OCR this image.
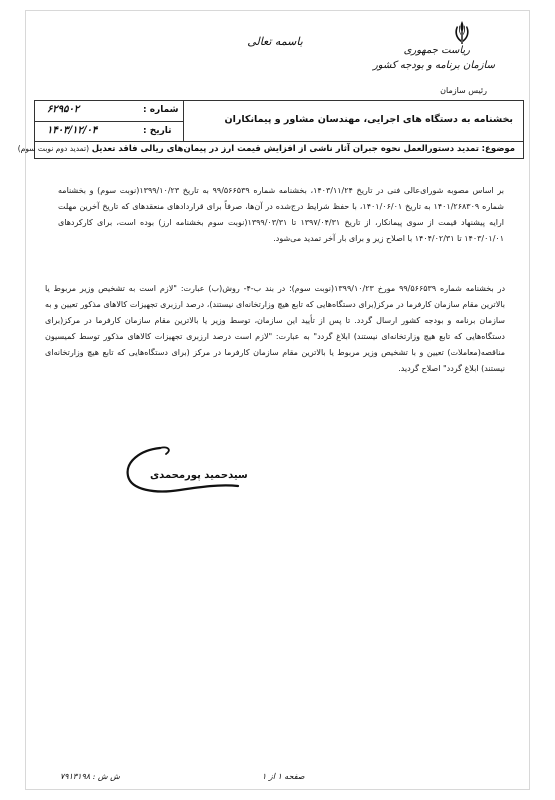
باسمه تعالی
ریاست جمهوری
سازمان برنامه و بودجه کشور
رئیس سازمان
شماره :
۶۲۹۵۰۲
تاریخ :
۱۴۰۳/۱۲/۰۴
بخشنامه به دستگاه های اجرایی، مهندسان مشاور و پیمانکاران
موضوع: تمدید دستورالعمل نحوه جبران آثار ناشی از افزایش قیمت ارز در پیمان‌های ریالی فاقد تعدیل (تمدید دوم نوبت سوم)
بر اساس مصوبه شورای‌عالی فنی در تاریخ ۱۴۰۳/۱۱/۲۴، بخشنامه شماره ۹۹/۵۶۶۵۳۹ به تاریخ ۱۳۹۹/۱۰/۲۳(نوبت سوم) و بخشنامه شماره ۱۴۰۱/۲۶۸۳۰۹ به تاریخ ۱۴۰۱/۰۶/۰۱، با حفظ شرایط درج‌شده در آن‌ها، صرفاً برای قراردادهای منعقدهای که تاریخ آخرین مهلت ارایه پیشنهاد قیمت از سوی پیمانکار، از تاریخ ۱۳۹۷/۰۴/۳۱ تا ۱۳۹۹/۰۳/۳۱(نوبت سوم بخشنامه ارز) بوده است، برای کارکردهای ۱۴۰۳/۰۱/۰۱ تا ۱۴۰۴/۰۲/۳۱ با اصلاح زیر و برای بار آخر تمدید می‌شود.
در بخشنامه شماره ۹۹/۵۶۶۵۳۹ مورخ ۱۳۹۹/۱۰/۲۳(نوبت سوم)؛ در بند ب-۴- روش(ب) عبارت: "لازم است به تشخیص وزیر مربوط یا بالاترین مقام سازمان کارفرما در مرکز(برای دستگاه‌هایی که تابع هیچ وزارتخانه‌ای نیستند)، درصد ارزبری تجهیزات کالاهای مذکور تعیین و به سازمان برنامه و بودجه کشور ارسال گردد. تا پس از تأیید این سازمان، توسط وزیر یا بالاترین مقام سازمان کارفرما در مرکز(برای دستگاه‌هایی که تابع هیچ وزارتخانه‌ای نیستند) ابلاغ گردد" به عبارت: "لازم است درصد ارزبری تجهیزات کالاهای مذکور توسط کمیسیون مناقصه(معاملات) تعیین و با تشخیص وزیر مربوط یا بالاترین مقام سازمان کارفرما در مرکز (برای دستگاه‌هایی که تابع هیچ وزارتخانه‌ای نیستند) ابلاغ گردد" اصلاح گردید.
سیدحمید پورمحمدی
صفحه ۱ از ۱
ش ش : ۷۹۱۳۱۹۸
